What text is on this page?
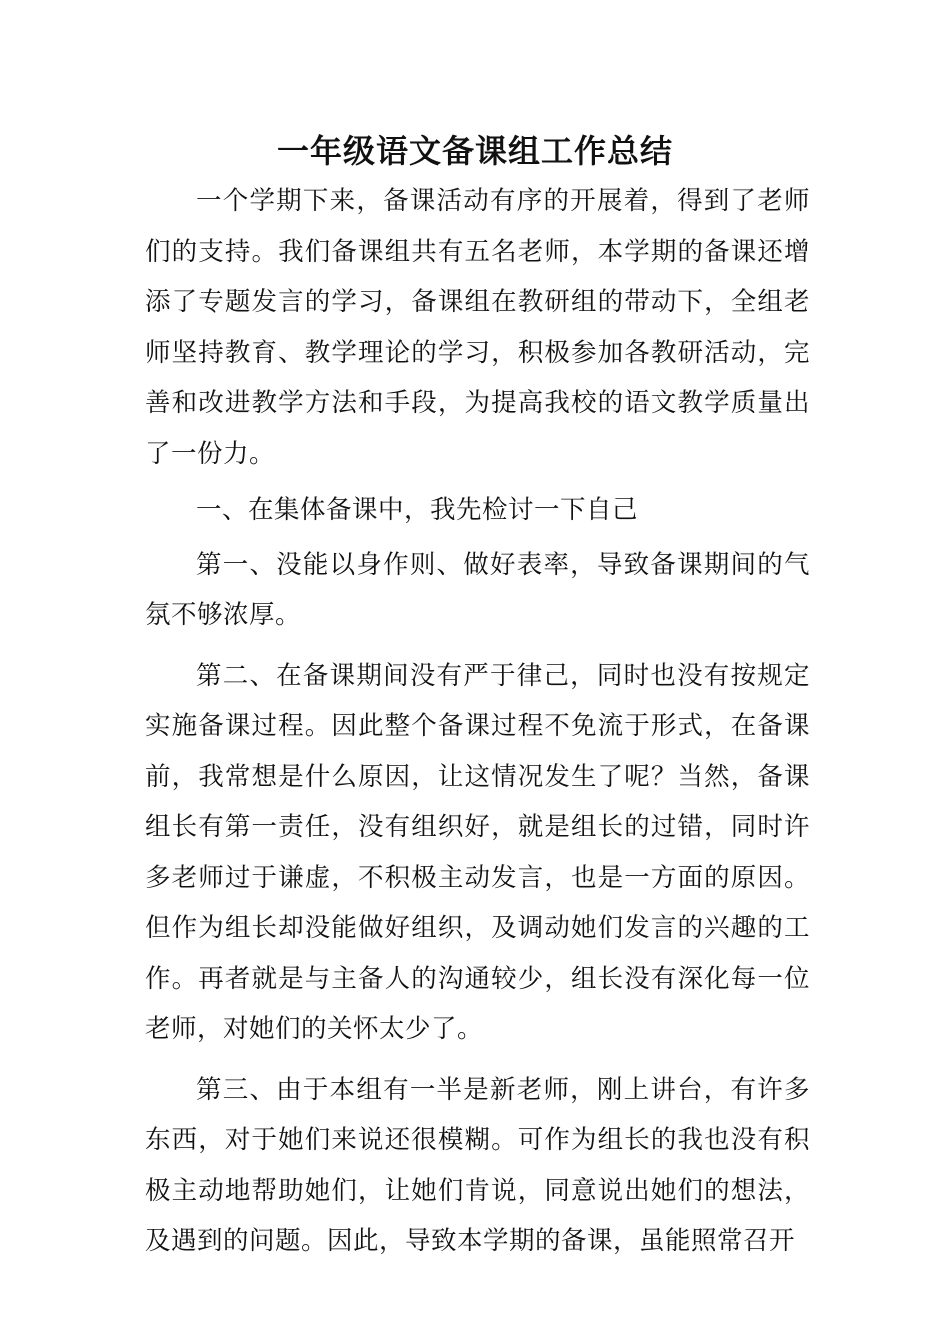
一年级语文备课组工作总结

一个学期下来，备课活动有序的开展着，得到了老师们的支持。我们备课组共有五名老师，本学期的备课还增添了专题发言的学习，备课组在教研组的带动下，全组老师坚持教育、教学理论的学习，积极参加各教研活动，完善和改进教学方法和手段，为提高我校的语文教学质量出了一份力。

一、在集体备课中，我先检讨一下自己

第一、没能以身作则、做好表率，导致备课期间的气氛不够浓厚。

第二、在备课期间没有严于律己，同时也没有按规定实施备课过程。因此整个备课过程不免流于形式，在备课前，我常想是什么原因，让这情况发生了呢？当然，备课组长有第一责任，没有组织好，就是组长的过错，同时许多老师过于谦虚，不积极主动发言，也是一方面的原因。但作为组长却没能做好组织，及调动她们发言的兴趣的工作。再者就是与主备人的沟通较少，组长没有深化每一位老师，对她们的关怀太少了。

第三、由于本组有一半是新老师，刚上讲台，有许多东西，对于她们来说还很模糊。可作为组长的我也没有积极主动地帮助她们，让她们肯说，同意说出她们的想法，及遇到的问题。因此，导致本学期的备课，虽能照常召开
